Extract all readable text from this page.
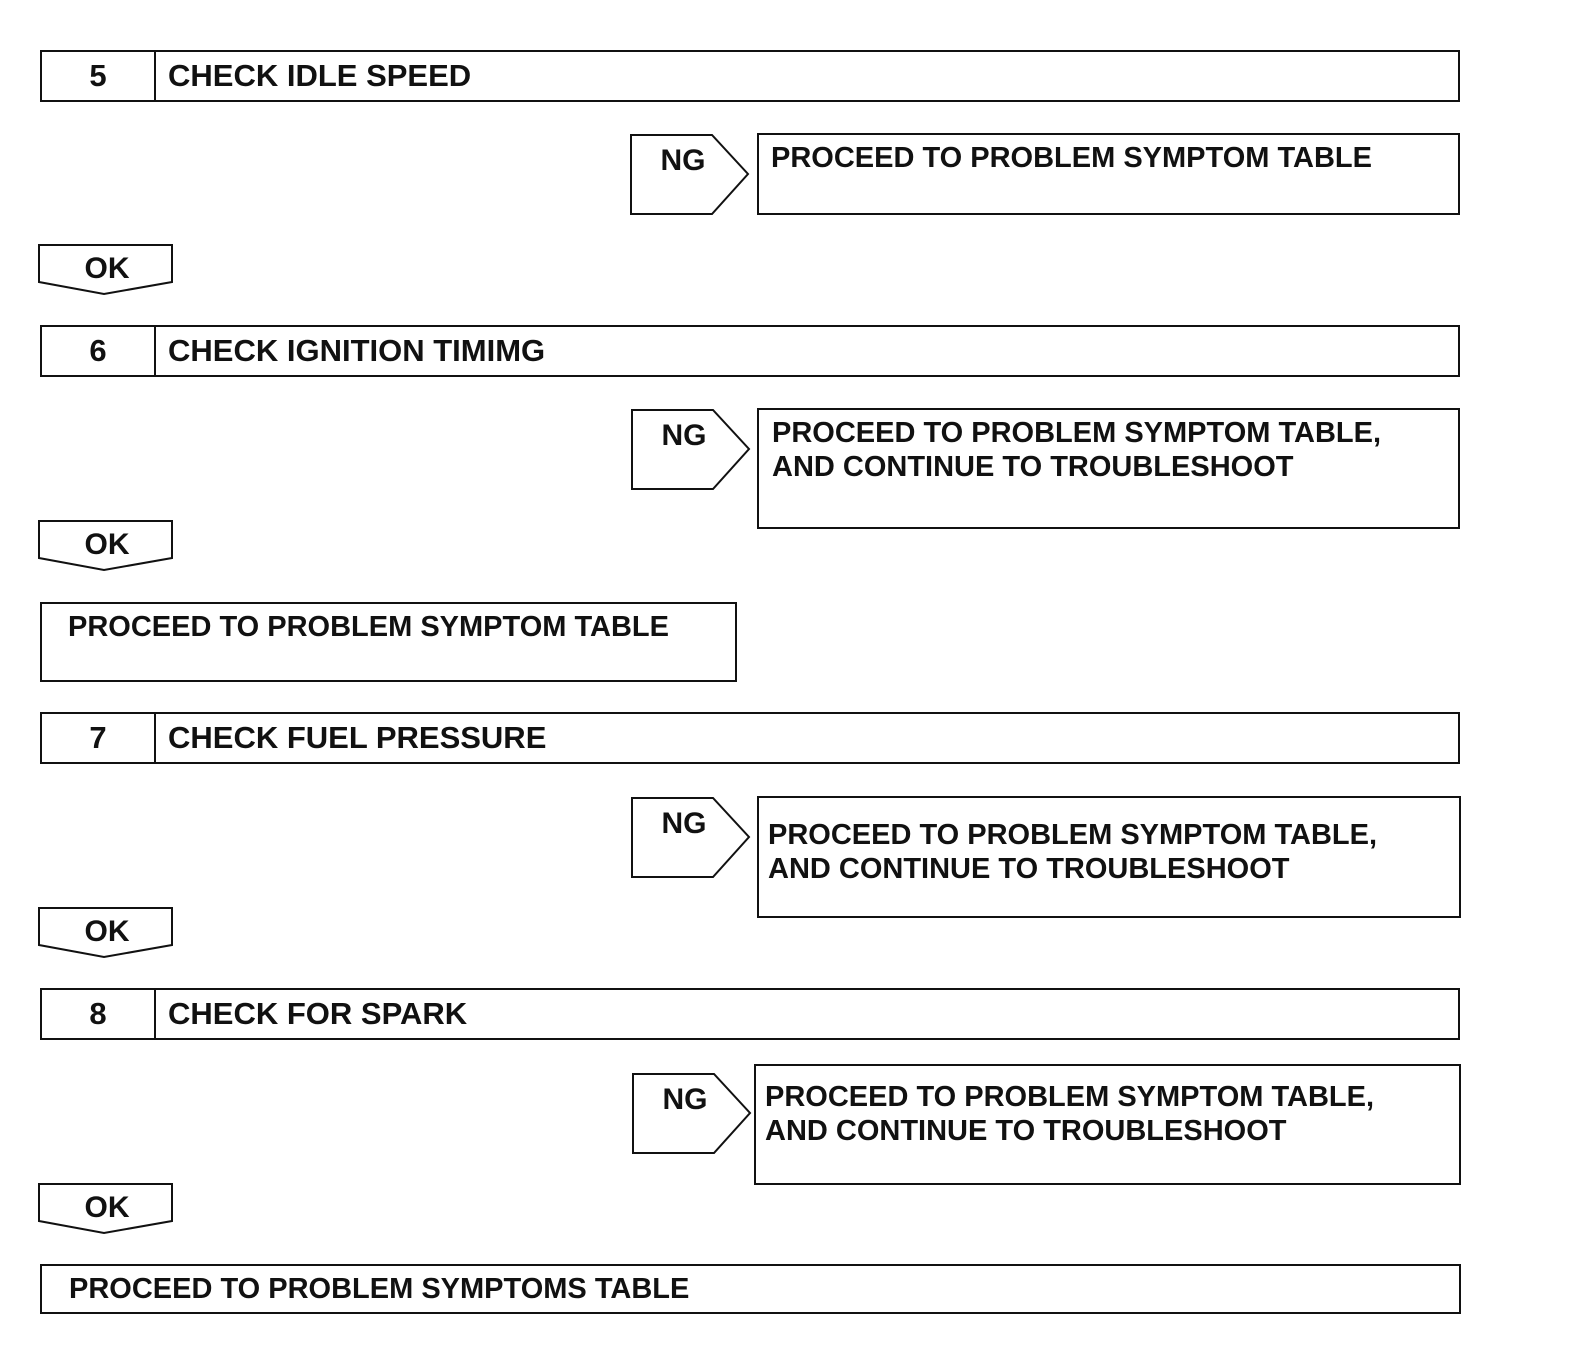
5	CHECK IDLE SPEED
NG	PROCEED TO PROBLEM SYMPTOM TABLE
OK
6	CHECK IGNITION TIMIMG
NG	PROCEED TO PROBLEM SYMPTOM TABLE,
AND CONTINUE TO TROUBLESHOOT
OK
PROCEED TO PROBLEM SYMPTOM TABLE
7	CHECK FUEL PRESSURE
NG	PROCEED TO PROBLEM SYMPTOM TABLE,
AND CONTINUE TO TROUBLESHOOT
OK
8	CHECK FOR SPARK
NG	PROCEED TO PROBLEM SYMPTOM TABLE,
AND CONTINUE TO TROUBLESHOOT
OK
PROCEED TO PROBLEM SYMPTOMS TABLE
